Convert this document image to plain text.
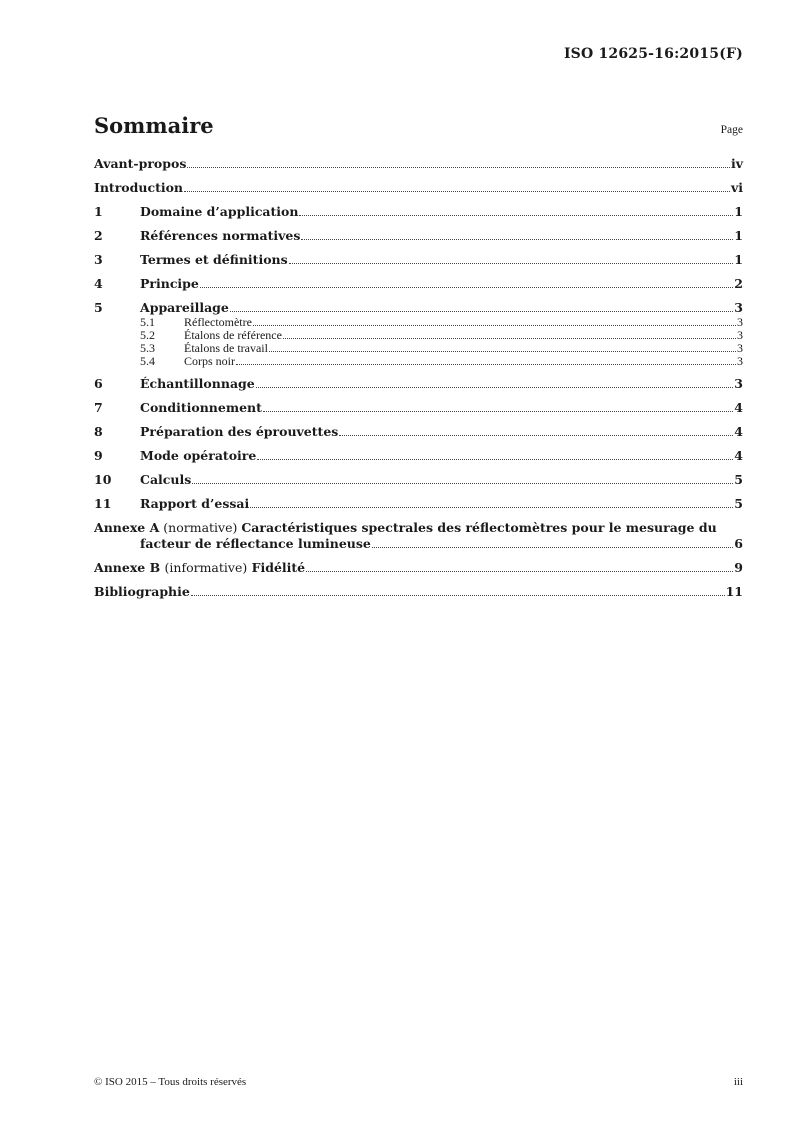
ISO 12625-16:2015(F)
Sommaire	Page
Avant-propos	iv
Introduction	vi
1	Domaine d’application	1
2	Références normatives	1
3	Termes et définitions	1
4	Principe	2
5	Appareillage	3
5.1	Réflectomètre	3
5.2	Étalons de référence	3
5.3	Étalons de travail	3
5.4	Corps noir	3
6	Échantillonnage	3
7	Conditionnement	4
8	Préparation des éprouvettes	4
9	Mode opératoire	4
10	Calculs	5
11	Rapport d’essai	5
Annexe A (normative) Caractéristiques spectrales des réflectomètres pour le mesurage du
facteur de réflectance lumineuse	6
Annexe B (informative) Fidélité	9
Bibliographie	11
© ISO 2015 – Tous droits réservés	iii
